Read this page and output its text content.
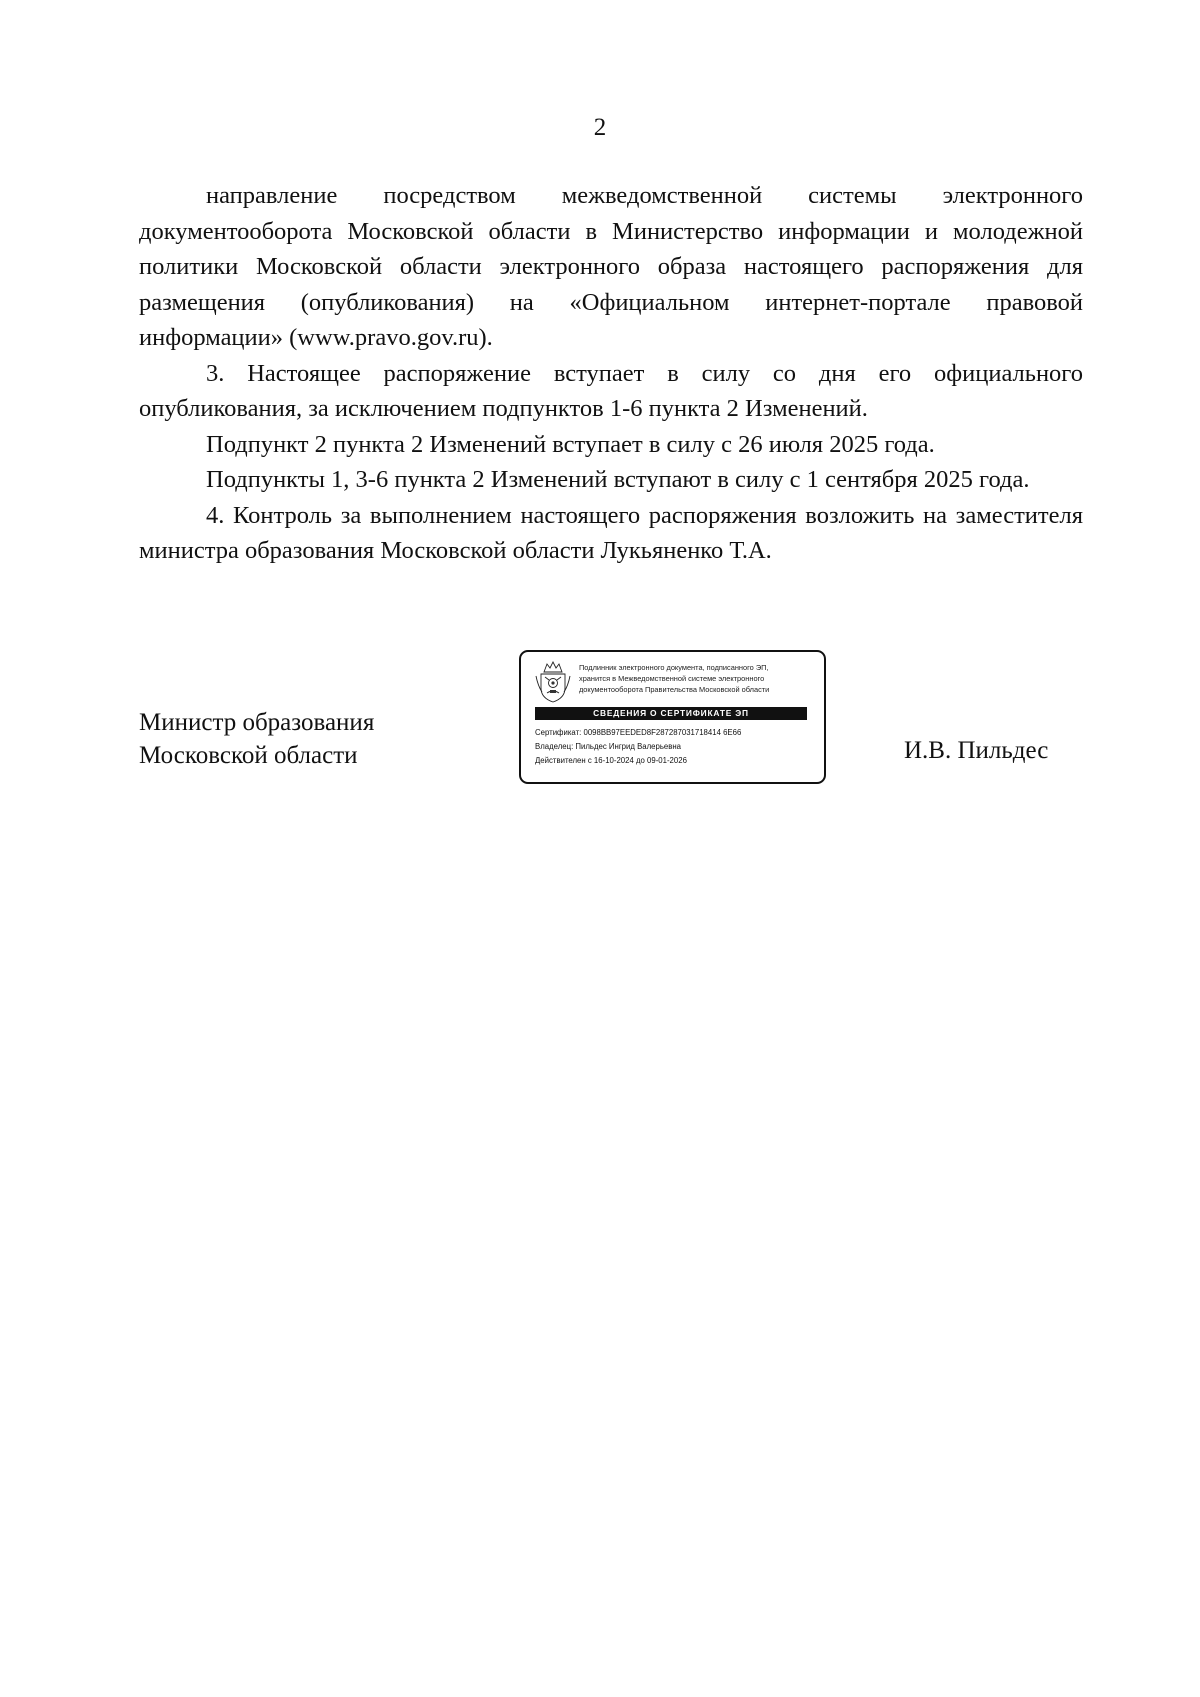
2

направление посредством межведомственной системы электронного документооборота Московской области в Министерство информации и молодежной политики Московской области электронного образа настоящего распоряжения для размещения (опубликования) на «Официальном интернет-портале правовой информации» (www.pravo.gov.ru).

3. Настоящее распоряжение вступает в силу со дня его официального опубликования, за исключением подпунктов 1-6 пункта 2 Изменений.

Подпункт 2 пункта 2 Изменений вступает в силу с 26 июля 2025 года.

Подпункты 1, 3-6 пункта 2 Изменений вступают в силу с 1 сентября 2025 года.

4. Контроль за выполнением настоящего распоряжения возложить на заместителя министра образования Московской области Лукьяненко Т.А.

Министр образования
Московской области
Подлинник электронного документа, подписанного ЭП,
хранится в Межведомственной системе электронного
документооборота Правительства Московской области
СВЕДЕНИЯ О СЕРТИФИКАТЕ ЭП
Сертификат: 0098BB97EEDED8F287287031718414 6E66
Владелец: Пильдес Ингрид Валерьевна
Действителен с 16-10-2024 до 09-01-2026	И.В. Пильдес
